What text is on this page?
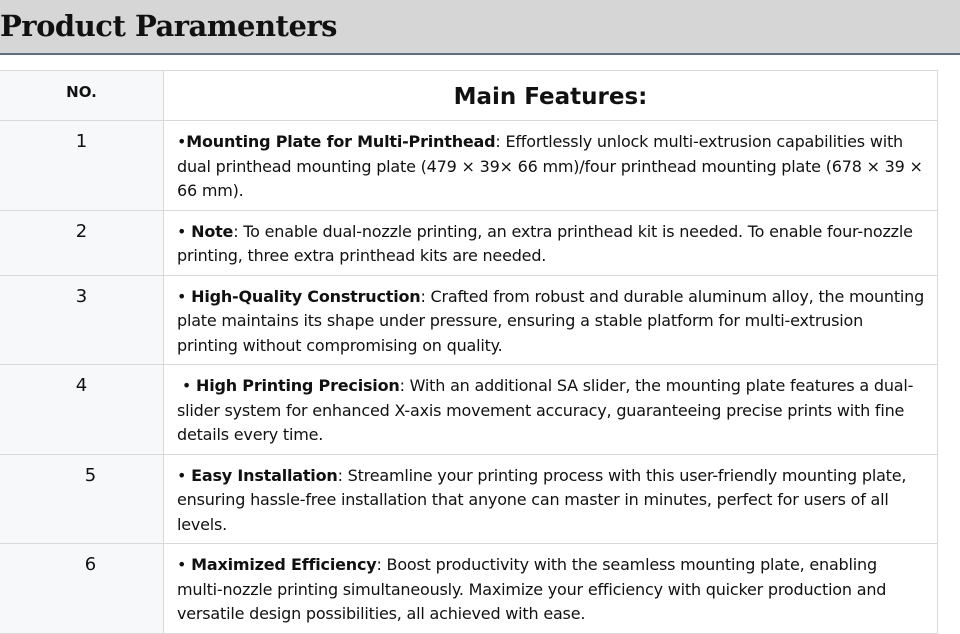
Product Paramenters
NO.	Main Features:
1	•Mounting Plate for Multi-Printhead: Effortlessly unlock multi-extrusion capabilities with dual printhead mounting plate (479 × 39× 66 mm)/four printhead mounting plate (678 × 39 × 66 mm).
2	• Note: To enable dual-nozzle printing, an extra printhead kit is needed. To enable four-nozzle printing, three extra printhead kits are needed.
3	• High-Quality Construction: Crafted from robust and durable aluminum alloy, the mounting plate maintains its shape under pressure, ensuring a stable platform for multi-extrusion printing without compromising on quality.
4	• High Printing Precision: With an additional SA slider, the mounting plate features a dual-slider system for enhanced X-axis movement accuracy, guaranteeing precise prints with fine details every time.
5	• Easy Installation: Streamline your printing process with this user-friendly mounting plate, ensuring hassle-free installation that anyone can master in minutes, perfect for users of all levels.
6	• Maximized Efficiency: Boost productivity with the seamless mounting plate, enabling multi-nozzle printing simultaneously. Maximize your efficiency with quicker production and versatile design possibilities, all achieved with ease.
